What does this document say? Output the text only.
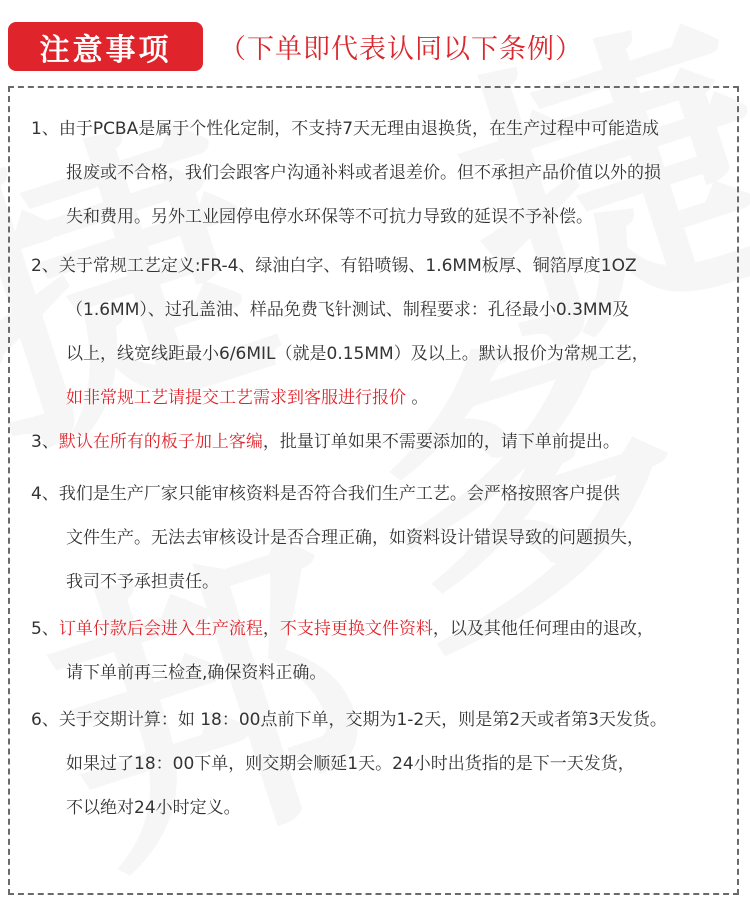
注意事项	（下单即代表认同以下条例）
1、由于PCBA是属于个性化定制，不支持7天无理由退换货，在生产过程中可能造成
报废或不合格，我们会跟客户沟通补料或者退差价。但不承担产品价值以外的损
失和费用。另外工业园停电停水环保等不可抗力导致的延误不予补偿。
2、关于常规工艺定义:FR-4、绿油白字、有铅喷锡、1.6MM板厚、铜箔厚度1OZ
（1.6MM）、过孔盖油、样品免费飞针测试、制程要求：孔径最小0.3MM及
以上，线宽线距最小6/6MIL（就是0.15MM）及以上。默认报价为常规工艺，
如非常规工艺请提交工艺需求到客服进行报价 。
3、默认在所有的板子加上客编，批量订单如果不需要添加的，请下单前提出。
4、我们是生产厂家只能审核资料是否符合我们生产工艺。会严格按照客户提供
文件生产。无法去审核设计是否合理正确，如资料设计错误导致的问题损失，
我司不予承担责任。
5、订单付款后会进入生产流程，不支持更换文件资料，以及其他任何理由的退改，
请下单前再三检查,确保资料正确。
6、关于交期计算：如 18：00点前下单，交期为1-2天，则是第2天或者第3天发货。
如果过了18：00下单，则交期会顺延1天。24小时出货指的是下一天发货，
不以绝对24小时定义。
